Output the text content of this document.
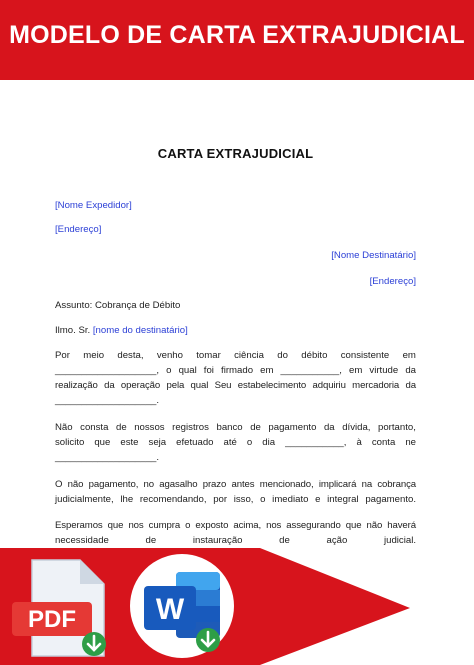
MODELO DE CARTA EXTRAJUDICIAL
CARTA EXTRAJUDICIAL
[Nome Expedidor]
[Endereço]
[Nome Destinatário]
[Endereço]
Assunto: Cobrança de Débito
Ilmo. Sr. [nome do destinatário]
Por meio desta, venho tomar ciência do débito consistente em
___________________, o qual foi firmado em ___________, em virtude da
realização da operação pela qual Seu estabelecimento adquiriu mercadoria da
___________________.
Não consta de nossos registros banco de pagamento da dívida, portanto,
solicito que este seja efetuado até o dia ___________, à conta ne
___________________.
O não pagamento, no agasalho prazo antes mencionado, implicará na cobrança
judicialmente, lhe recomendando, por isso, o imediato e integral pagamento.
Esperamos que nos cumpra o exposto acima, nos assegurando que não haverá
necessidade de instauração de ação judicial.
PDF	W
